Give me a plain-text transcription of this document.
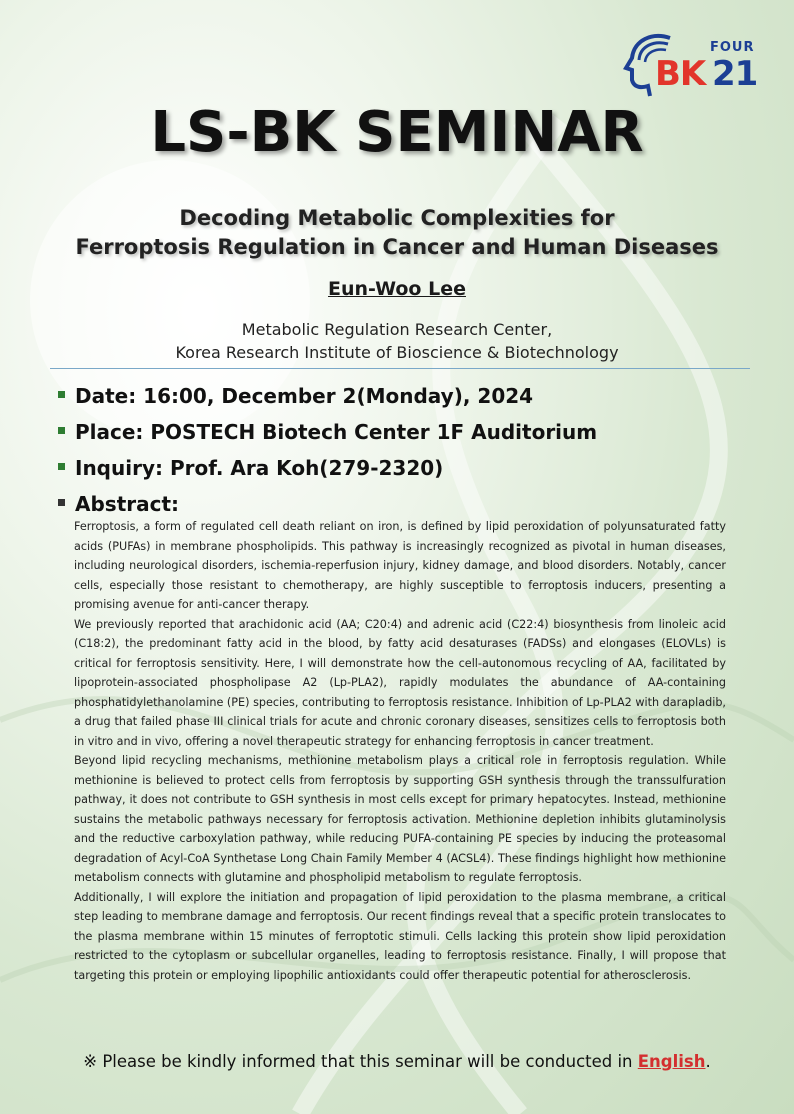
FOUR
BK 21
LS-BK SEMINAR
Decoding Metabolic Complexities for
Ferroptosis Regulation in Cancer and Human Diseases
Eun-Woo Lee
Metabolic Regulation Research Center,
Korea Research Institute of Bioscience & Biotechnology
Date: 16:00, December 2(Monday), 2024
Place: POSTECH Biotech Center 1F Auditorium
Inquiry: Prof. Ara Koh(279-2320)
Abstract:

Ferroptosis, a form of regulated cell death reliant on iron, is defined by lipid peroxidation of polyunsaturated fatty acids (PUFAs) in membrane phospholipids. This pathway is increasingly recognized as pivotal in human diseases, including neurological disorders, ischemia-reperfusion injury, kidney damage, and blood disorders. Notably, cancer cells, especially those resistant to chemotherapy, are highly susceptible to ferroptosis inducers, presenting a promising avenue for anti-cancer therapy.

We previously reported that arachidonic acid (AA; C20:4) and adrenic acid (C22:4) biosynthesis from linoleic acid (C18:2), the predominant fatty acid in the blood, by fatty acid desaturases (FADSs) and elongases (ELOVLs) is critical for ferroptosis sensitivity. Here, I will demonstrate how the cell-autonomous recycling of AA, facilitated by lipoprotein-associated phospholipase A2 (Lp-PLA2), rapidly modulates the abundance of AA-containing phosphatidylethanolamine (PE) species, contributing to ferroptosis resistance. Inhibition of Lp-PLA2 with darapladib, a drug that failed phase III clinical trials for acute and chronic coronary diseases, sensitizes cells to ferroptosis both in vitro and in vivo, offering a novel therapeutic strategy for enhancing ferroptosis in cancer treatment.

Beyond lipid recycling mechanisms, methionine metabolism plays a critical role in ferroptosis regulation. While methionine is believed to protect cells from ferroptosis by supporting GSH synthesis through the transsulfuration pathway, it does not contribute to GSH synthesis in most cells except for primary hepatocytes. Instead, methionine sustains the metabolic pathways necessary for ferroptosis activation. Methionine depletion inhibits glutaminolysis and the reductive carboxylation pathway, while reducing PUFA-containing PE species by inducing the proteasomal degradation of Acyl-CoA Synthetase Long Chain Family Member 4 (ACSL4). These findings highlight how methionine metabolism connects with glutamine and phospholipid metabolism to regulate ferroptosis.

Additionally, I will explore the initiation and propagation of lipid peroxidation to the plasma membrane, a critical step leading to membrane damage and ferroptosis. Our recent findings reveal that a specific protein translocates to the plasma membrane within 15 minutes of ferroptotic stimuli. Cells lacking this protein show lipid peroxidation restricted to the cytoplasm or subcellular organelles, leading to ferroptosis resistance. Finally, I will propose that targeting this protein or employing lipophilic antioxidants could offer therapeutic potential for atherosclerosis.

※ Please be kindly informed that this seminar will be conducted in English.
